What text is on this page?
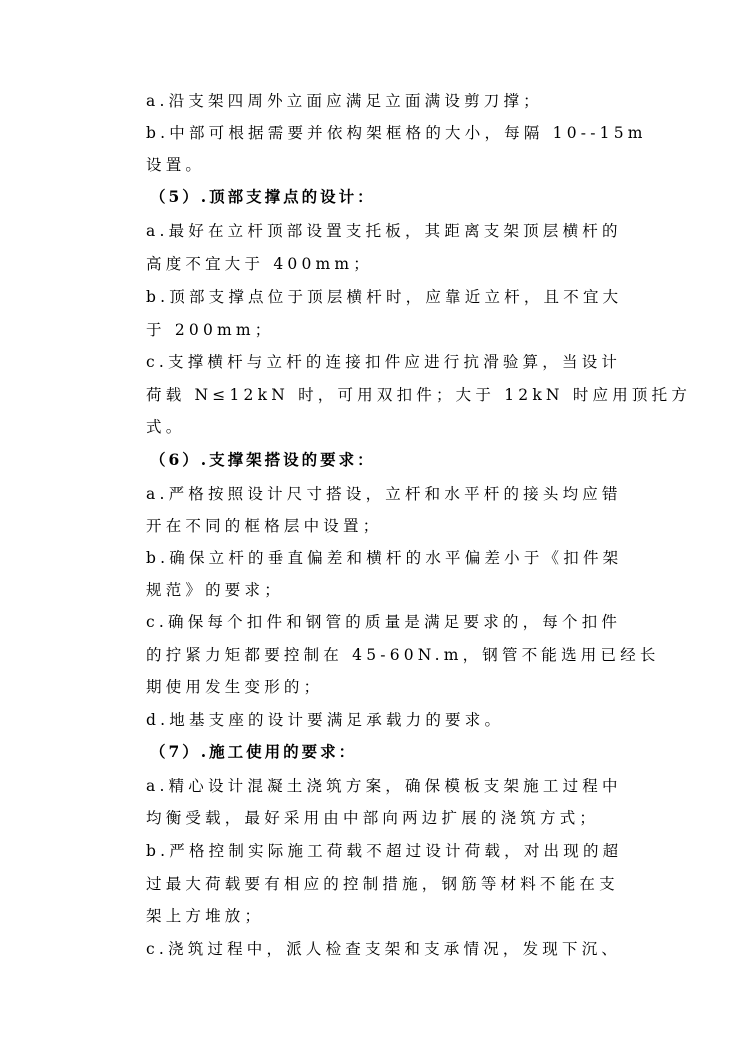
a.沿支架四周外立面应满足立面满设剪刀撑；
b.中部可根据需要并依构架框格的大小，每隔 10--15m
设置。
（5）.顶部支撑点的设计：
a.最好在立杆顶部设置支托板，其距离支架顶层横杆的
高度不宜大于 400mm；
b.顶部支撑点位于顶层横杆时，应靠近立杆，且不宜大
于 200mm；
c.支撑横杆与立杆的连接扣件应进行抗滑验算，当设计
荷载 N≤12kN 时，可用双扣件；大于 12kN 时应用顶托方
式。
（6）.支撑架搭设的要求：
a.严格按照设计尺寸搭设，立杆和水平杆的接头均应错
开在不同的框格层中设置；
b.确保立杆的垂直偏差和横杆的水平偏差小于《扣件架
规范》的要求；
c.确保每个扣件和钢管的质量是满足要求的，每个扣件
的拧紧力矩都要控制在 45-60N.m，钢管不能选用已经长
期使用发生变形的；
d.地基支座的设计要满足承载力的要求。
（7）.施工使用的要求：
a.精心设计混凝土浇筑方案，确保模板支架施工过程中
均衡受载，最好采用由中部向两边扩展的浇筑方式；
b.严格控制实际施工荷载不超过设计荷载，对出现的超
过最大荷载要有相应的控制措施，钢筋等材料不能在支
架上方堆放；
c.浇筑过程中，派人检查支架和支承情况，发现下沉、
